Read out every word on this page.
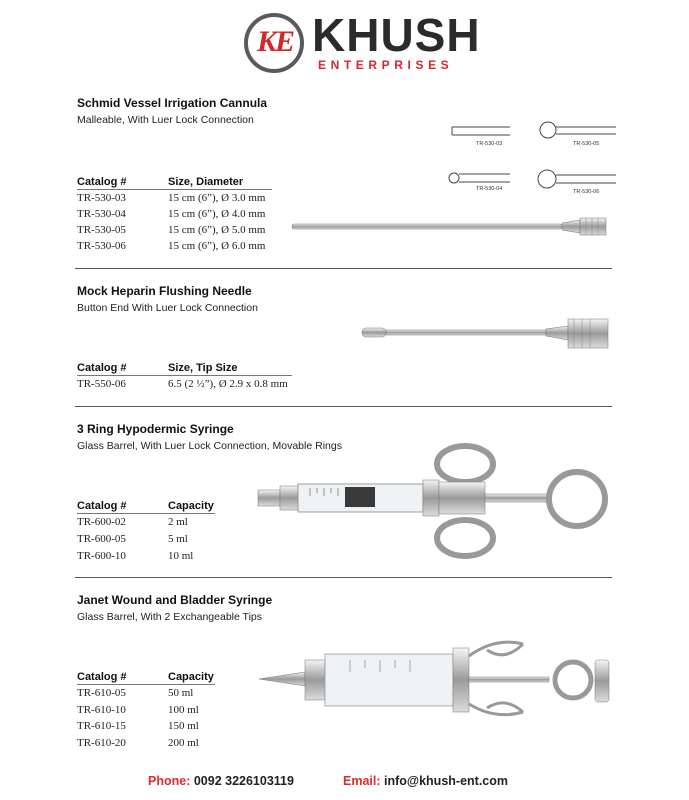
KE KHUSH
ENTERPRISES
Schmid Vessel Irrigation Cannula
Malleable, With Luer Lock Connection
Catalog #	Size, Diameter
TR-530-03	15 cm (6”), Ø 3.0 mm
TR-530-04	15 cm (6”), Ø 4.0 mm
TR-530-05	15 cm (6”), Ø 5.0 mm
TR-530-06	15 cm (6”), Ø 6.0 mm
TR-530-03	TR-530-05
TR-530-04	TR-530-06
Mock Heparin Flushing Needle
Button End With Luer Lock Connection
Catalog #	Size, Tip Size
TR-550-06	6.5 (2 ½”), Ø 2.9 x 0.8 mm
3 Ring Hypodermic Syringe
Glass Barrel, With Luer Lock Connection, Movable Rings
Catalog #	Capacity
TR-600-02	2 ml
TR-600-05	5 ml
TR-600-10	10 ml
Janet Wound and Bladder Syringe
Glass Barrel, With 2 Exchangeable Tips
Catalog #	Capacity
TR-610-05	50 ml
TR-610-10	100 ml
TR-610-15	150 ml
TR-610-20	200 ml
Phone: 0092 3226103119	Email: info@khush-ent.com
